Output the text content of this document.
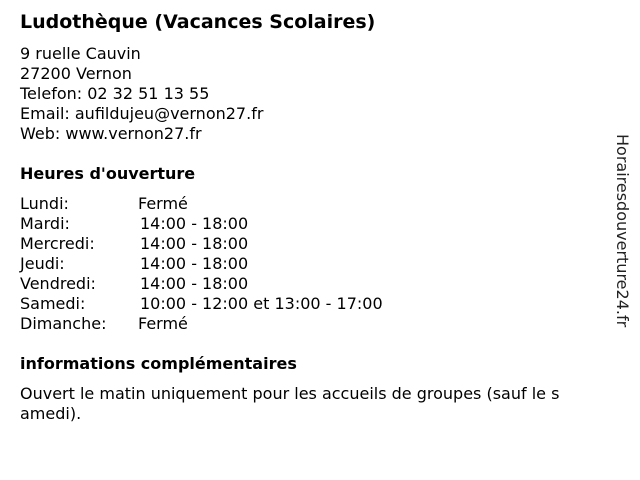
Ludothèque (Vacances Scolaires)
9 ruelle Cauvin
27200 Vernon
Telefon: 02 32 51 13 55
Email: aufildujeu@vernon27.fr
Web: www.vernon27.fr
Heures d'ouverture
Lundi:	Fermé
Mardi:	14:00 - 18:00
Mercredi:	14:00 - 18:00
Jeudi:	14:00 - 18:00
Vendredi:	14:00 - 18:00
Samedi:	10:00 - 12:00 et 13:00 - 17:00
Dimanche: Fermé
informations complémentaires
Ouvert le matin uniquement pour les accueils de groupes (sauf le s
amedi).
Horairesdouverture24.fr
